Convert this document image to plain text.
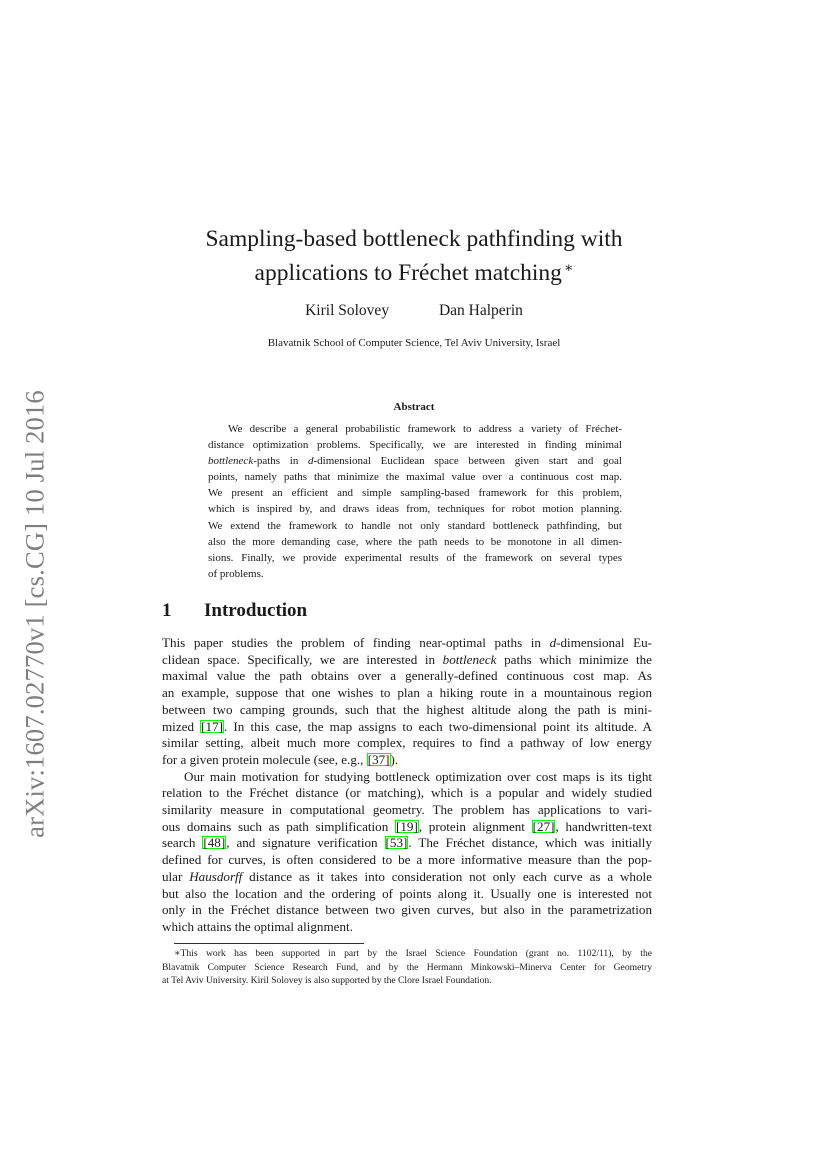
arXiv:1607.02770v1 [cs.CG] 10 Jul 2016
Sampling-based bottleneck pathfinding with
applications to Fréchet matching ∗
Kiril Solovey	Dan Halperin
Blavatnik School of Computer Science, Tel Aviv University, Israel
Abstract
We describe a general probabilistic framework to address a variety of Fréchet-
distance optimization problems. Specifically, we are interested in finding minimal
bottleneck-paths in d-dimensional Euclidean space between given start and goal
points, namely paths that minimize the maximal value over a continuous cost map.
We present an efficient and simple sampling-based framework for this problem,
which is inspired by, and draws ideas from, techniques for robot motion planning.
We extend the framework to handle not only standard bottleneck pathfinding, but
also the more demanding case, where the path needs to be monotone in all dimen-
sions. Finally, we provide experimental results of the framework on several types
of problems.
1 Introduction
This paper studies the problem of finding near-optimal paths in d-dimensional Eu-
clidean space. Specifically, we are interested in bottleneck paths which minimize the
maximal value the path obtains over a generally-defined continuous cost map. As
an example, suppose that one wishes to plan a hiking route in a mountainous region
between two camping grounds, such that the highest altitude along the path is mini-
mized [17]. In this case, the map assigns to each two-dimensional point its altitude. A
similar setting, albeit much more complex, requires to find a pathway of low energy
for a given protein molecule (see, e.g., [37]).
Our main motivation for studying bottleneck optimization over cost maps is its tight
relation to the Fréchet distance (or matching), which is a popular and widely studied
similarity measure in computational geometry. The problem has applications to vari-
ous domains such as path simplification [19], protein alignment [27], handwritten-text
search [48], and signature verification [53]. The Fréchet distance, which was initially
defined for curves, is often considered to be a more informative measure than the pop-
ular Hausdorff distance as it takes into consideration not only each curve as a whole
but also the location and the ordering of points along it. Usually one is interested not
only in the Fréchet distance between two given curves, but also in the parametrization
which attains the optimal alignment.
∗This work has been supported in part by the Israel Science Foundation (grant no. 1102/11), by the
Blavatnik Computer Science Research Fund, and by the Hermann Minkowski–Minerva Center for Geometry
at Tel Aviv University. Kiril Solovey is also supported by the Clore Israel Foundation.
